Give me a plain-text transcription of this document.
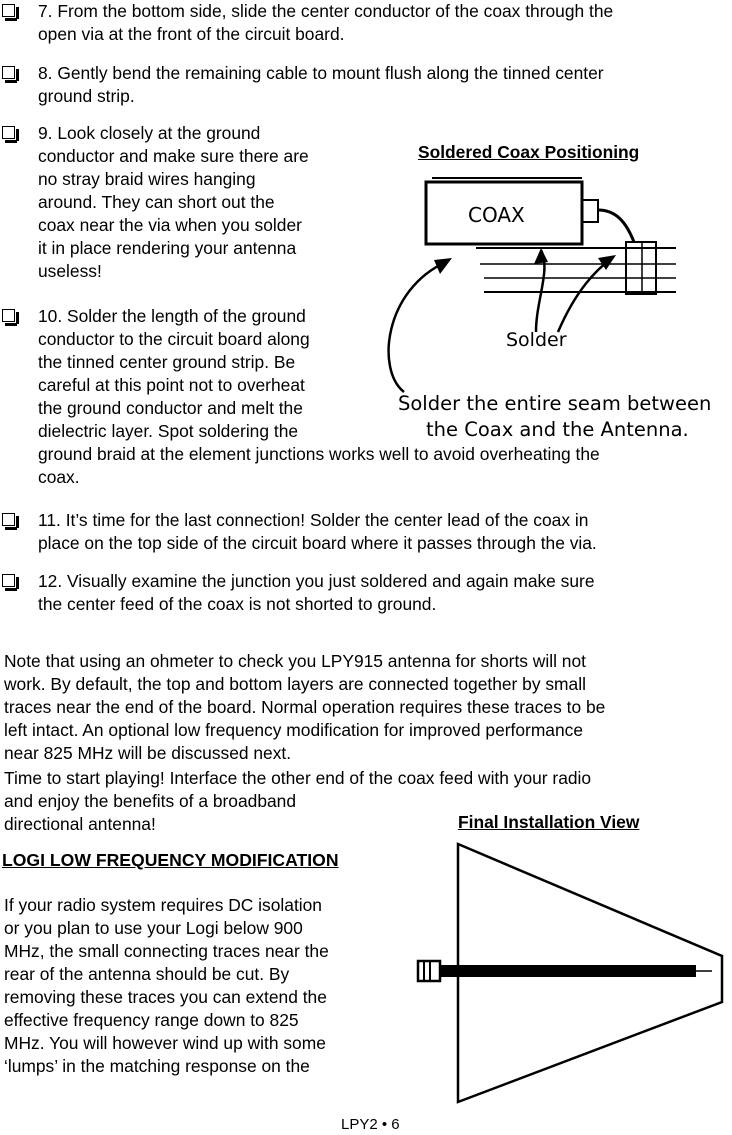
7. From the bottom side, slide the center conductor of the coax through the
open via at the front of the circuit board.
8. Gently bend the remaining cable to mount flush along the tinned center
ground strip.
9. Look closely at the ground
conductor and make sure there are
no stray braid wires hanging
around. They can short out the
coax near the via when you solder
it in place rendering your antenna
useless!
10. Solder the length of the ground
conductor to the circuit board along
the tinned center ground strip. Be
careful at this point not to overheat
the ground conductor and melt the
dielectric layer. Spot soldering the
ground braid at the element junctions works well to avoid overheating the
coax.
11. It’s time for the last connection! Solder the center lead of the coax in
place on the top side of the circuit board where it passes through the via.
12. Visually examine the junction you just soldered and again make sure
the center feed of the coax is not shorted to ground.
Soldered Coax Positioning
COAX
Solder
Solder the entire seam between
the Coax and the Antenna.
Note that using an ohmeter to check you LPY915 antenna for shorts will not
work. By default, the top and bottom layers are connected together by small
traces near the end of the board. Normal operation requires these traces to be
left intact. An optional low frequency modification for improved performance
near 825 MHz will be discussed next.
Time to start playing! Interface the other end of the coax feed with your radio
and enjoy the benefits of a broadband
directional antenna!	Final Installation View
LOGI LOW FREQUENCY MODIFICATION
If your radio system requires DC isolation
or you plan to use your Logi below 900
MHz, the small connecting traces near the
rear of the antenna should be cut. By
removing these traces you can extend the
effective frequency range down to 825
MHz. You will however wind up with some
‘lumps’ in the matching response on the
LPY2 • 6
